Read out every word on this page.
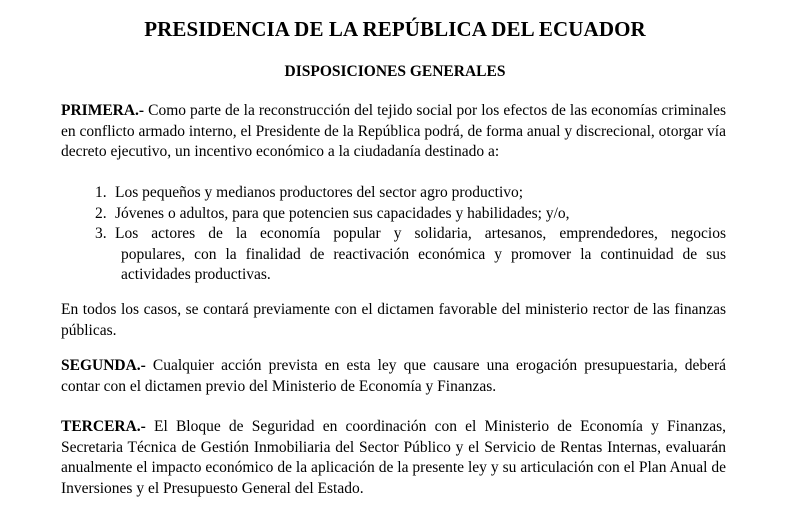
PRESIDENCIA DE LA REPÚBLICA DEL ECUADOR
DISPOSICIONES GENERALES
PRIMERA.- Como parte de la reconstrucción del tejido social por los efectos de las economías criminales en conflicto armado interno, el Presidente de la República podrá, de forma anual y discrecional, otorgar vía decreto ejecutivo, un incentivo económico a la ciudadanía destinado a:
1. Los pequeños y medianos productores del sector agro productivo;
2. Jóvenes o adultos, para que potencien sus capacidades y habilidades; y/o,
3. Los actores de la economía popular y solidaria, artesanos, emprendedores, negocios
populares, con la finalidad de reactivación económica y promover la continuidad de sus actividades productivas.
En todos los casos, se contará previamente con el dictamen favorable del ministerio rector de las finanzas públicas.
SEGUNDA.- Cualquier acción prevista en esta ley que causare una erogación presupuestaria, deberá contar con el dictamen previo del Ministerio de Economía y Finanzas.
TERCERA.- El Bloque de Seguridad en coordinación con el Ministerio de Economía y Finanzas, Secretaria Técnica de Gestión Inmobiliaria del Sector Público y el Servicio de Rentas Internas, evaluarán anualmente el impacto económico de la aplicación de la presente ley y su articulación con el Plan Anual de Inversiones y el Presupuesto General del Estado.
